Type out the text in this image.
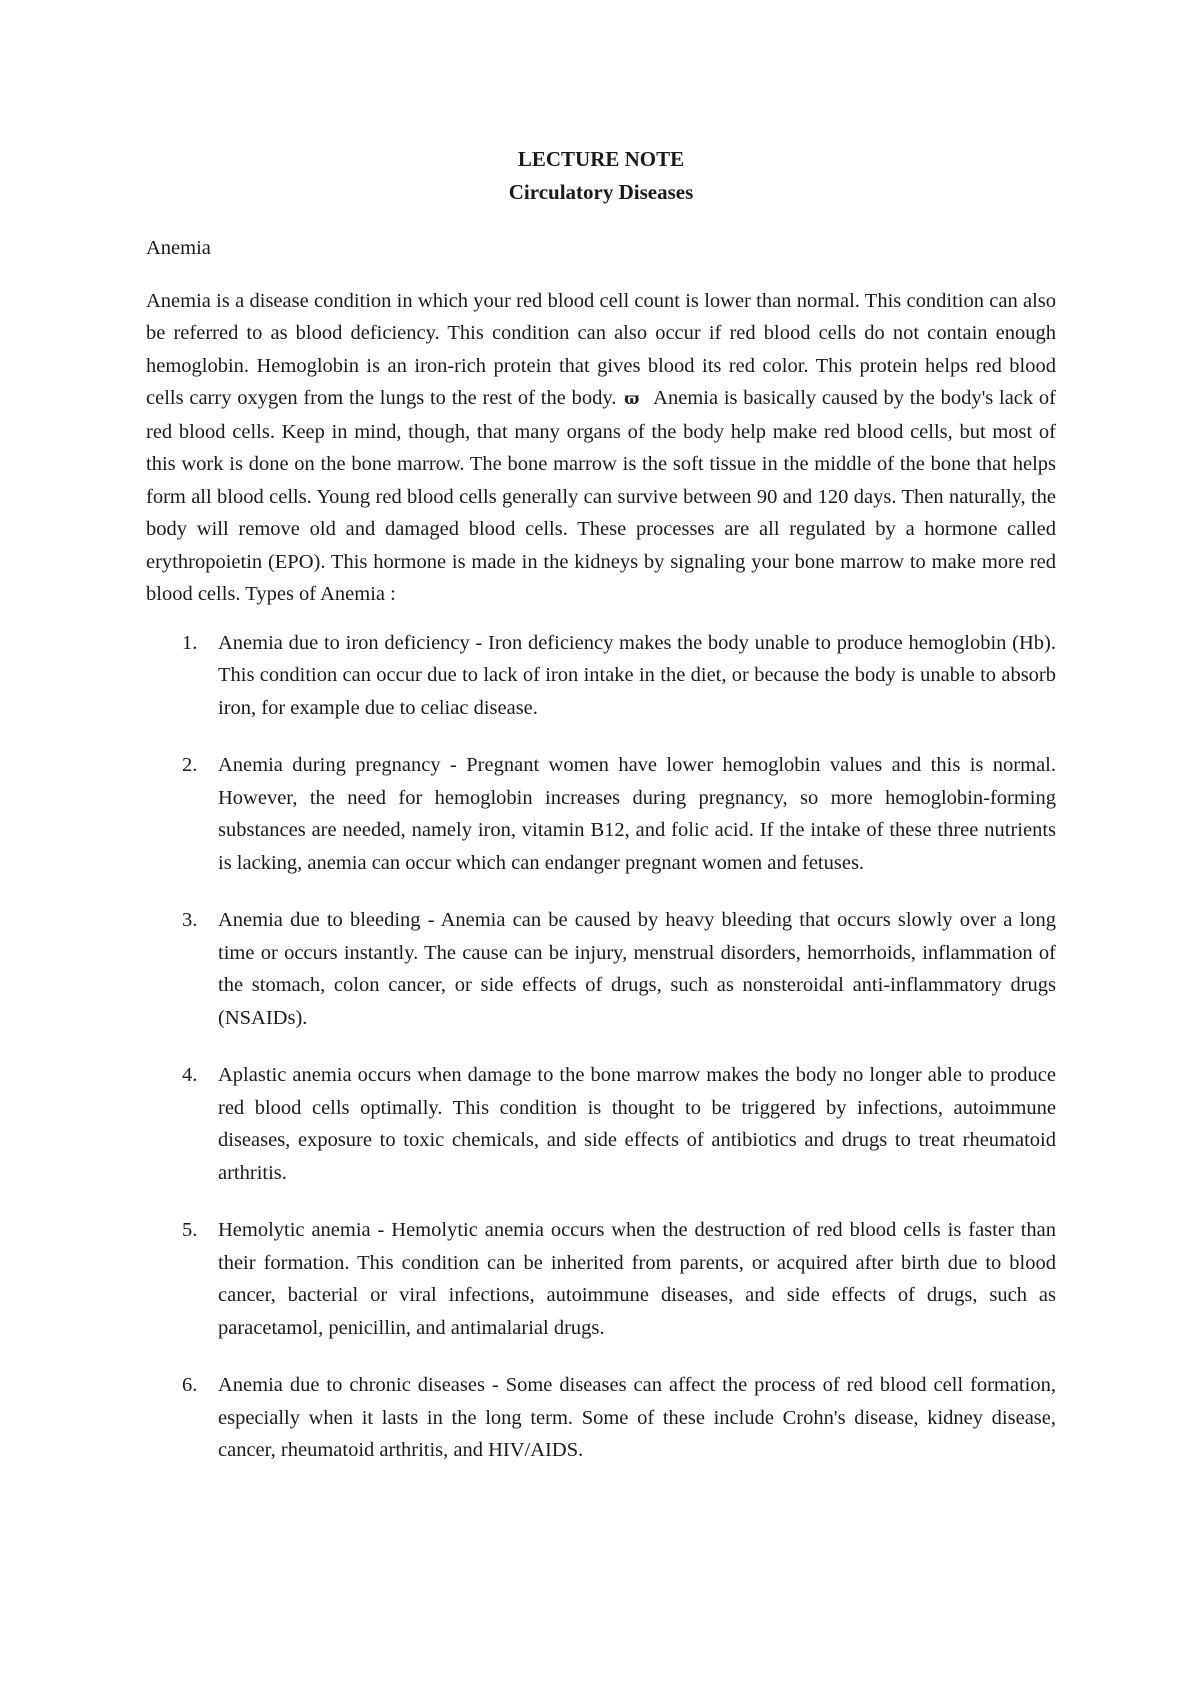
LECTURE NOTE

Circulatory Diseases

Anemia

Anemia is a disease condition in which your red blood cell count is lower than normal. This condition can also be referred to as blood deficiency. This condition can also occur if red blood cells do not contain enough hemoglobin. Hemoglobin is an iron-rich protein that gives blood its red color. This protein helps red blood cells carry oxygen from the lungs to the rest of the body. ϖ Anemia is basically caused by the body's lack of red blood cells. Keep in mind, though, that many organs of the body help make red blood cells, but most of this work is done on the bone marrow. The bone marrow is the soft tissue in the middle of the bone that helps form all blood cells. Young red blood cells generally can survive between 90 and 120 days. Then naturally, the body will remove old and damaged blood cells. These processes are all regulated by a hormone called erythropoietin (EPO). This hormone is made in the kidneys by signaling your bone marrow to make more red blood cells. Types of Anemia :

1. Anemia due to iron deficiency - Iron deficiency makes the body unable to produce hemoglobin (Hb). This condition can occur due to lack of iron intake in the diet, or because the body is unable to absorb iron, for example due to celiac disease.
2. Anemia during pregnancy - Pregnant women have lower hemoglobin values and this is normal. However, the need for hemoglobin increases during pregnancy, so more hemoglobin-forming substances are needed, namely iron, vitamin B12, and folic acid. If the intake of these three nutrients is lacking, anemia can occur which can endanger pregnant women and fetuses.
3. Anemia due to bleeding - Anemia can be caused by heavy bleeding that occurs slowly over a long time or occurs instantly. The cause can be injury, menstrual disorders, hemorrhoids, inflammation of the stomach, colon cancer, or side effects of drugs, such as nonsteroidal anti-inflammatory drugs (NSAIDs).
4. Aplastic anemia occurs when damage to the bone marrow makes the body no longer able to produce red blood cells optimally. This condition is thought to be triggered by infections, autoimmune diseases, exposure to toxic chemicals, and side effects of antibiotics and drugs to treat rheumatoid arthritis.
5. Hemolytic anemia - Hemolytic anemia occurs when the destruction of red blood cells is faster than their formation. This condition can be inherited from parents, or acquired after birth due to blood cancer, bacterial or viral infections, autoimmune diseases, and side effects of drugs, such as paracetamol, penicillin, and antimalarial drugs.
6. Anemia due to chronic diseases - Some diseases can affect the process of red blood cell formation, especially when it lasts in the long term. Some of these include Crohn's disease, kidney disease, cancer, rheumatoid arthritis, and HIV/AIDS.
